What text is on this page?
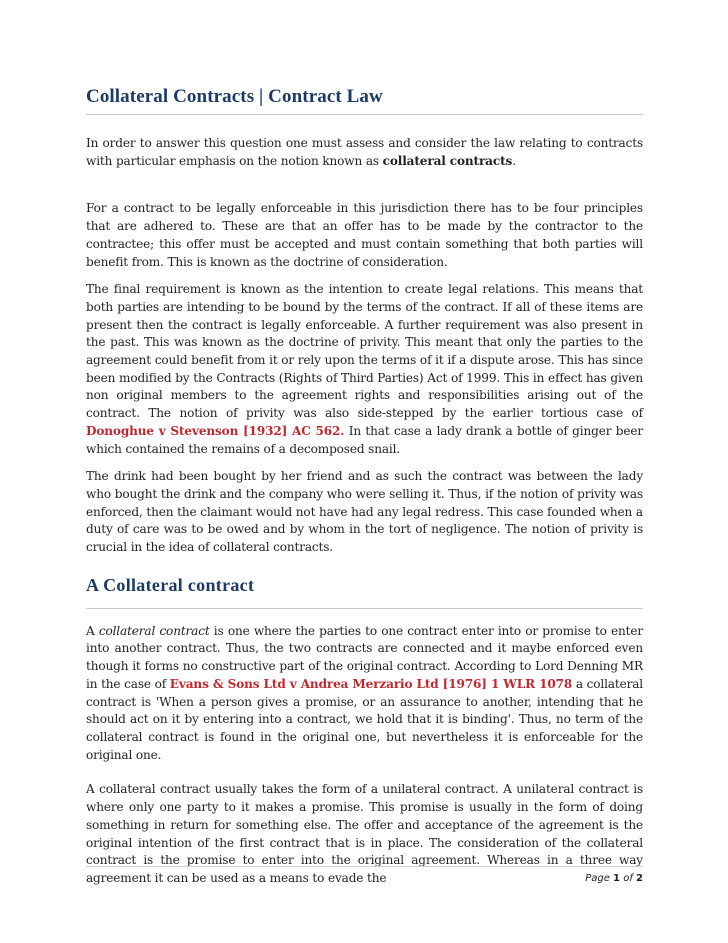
Collateral Contracts | Contract Law

In order to answer this question one must assess and consider the law relating to contracts with particular emphasis on the notion known as collateral contracts.

For a contract to be legally enforceable in this jurisdiction there has to be four principles that are adhered to. These are that an offer has to be made by the contractor to the contractee; this offer must be accepted and must contain something that both parties will benefit from. This is known as the doctrine of consideration.

The final requirement is known as the intention to create legal relations. This means that both parties are intending to be bound by the terms of the contract. If all of these items are present then the contract is legally enforceable. A further requirement was also present in the past. This was known as the doctrine of privity. This meant that only the parties to the agreement could benefit from it or rely upon the terms of it if a dispute arose. This has since been modified by the Contracts (Rights of Third Parties) Act of 1999. This in effect has given non original members to the agreement rights and responsibilities arising out of the contract. The notion of privity was also side-stepped by the earlier tortious case of Donoghue v Stevenson [1932] AC 562. In that case a lady drank a bottle of ginger beer which contained the remains of a decomposed snail.

The drink had been bought by her friend and as such the contract was between the lady who bought the drink and the company who were selling it. Thus, if the notion of privity was enforced, then the claimant would not have had any legal redress. This case founded when a duty of care was to be owed and by whom in the tort of negligence. The notion of privity is crucial in the idea of collateral contracts.

A Collateral contract

A collateral contract is one where the parties to one contract enter into or promise to enter into another contract. Thus, the two contracts are connected and it maybe enforced even though it forms no constructive part of the original contract. According to Lord Denning MR in the case of Evans & Sons Ltd v Andrea Merzario Ltd [1976] 1 WLR 1078 a collateral contract is 'When a person gives a promise, or an assurance to another, intending that he should act on it by entering into a contract, we hold that it is binding'. Thus, no term of the collateral contract is found in the original one, but nevertheless it is enforceable for the original one.

A collateral contract usually takes the form of a unilateral contract. A unilateral contract is where only one party to it makes a promise. This promise is usually in the form of doing something in return for something else. The offer and acceptance of the agreement is the original intention of the first contract that is in place. The consideration of the collateral contract is the promise to enter into the original agreement. Whereas in a three way agreement it can be used as a means to evade the	Page 1 of 2
